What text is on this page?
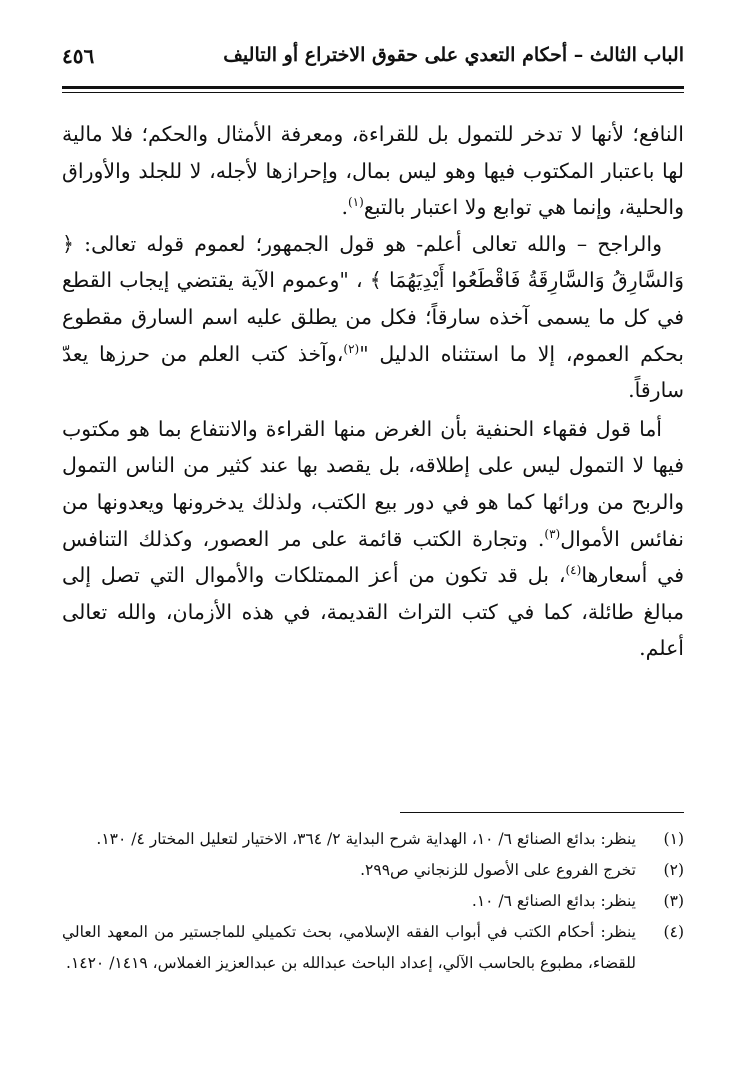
الباب الثالث – أحكام التعدي على حقوق الاختراع أو التاليف
٤٥٦

النافع؛ لأنها لا تدخر للتمول بل للقراءة، ومعرفة الأمثال والحكم؛ فلا مالية لها باعتبار المكتوب فيها وهو ليس بمال، وإحرازها لأجله، لا للجلد والأوراق والحلية، وإنما هي توابع ولا اعتبار بالتبع$^{(١)}$.

والراجح – والله تعالى أعلم- هو قول الجمهور؛ لعموم قوله تعالى: ﴿ وَالسَّارِقُ وَالسَّارِقَةُ فَاقْطَعُوا أَيْدِيَهُمَا ﴾ ، "وعموم الآية يقتضي إيجاب القطع في كل ما يسمى آخذه سارقاً؛ فكل من يطلق عليه اسم السارق مقطوع بحكم العموم، إلا ما استثناه الدليل "$^{(٢)}$،وآخذ كتب العلم من حرزها يعدّ سارقاً.

أما قول فقهاء الحنفية بأن الغرض منها القراءة والانتفاع بما هو مكتوب فيها لا التمول ليس على إطلاقه، بل يقصد بها عند كثير من الناس التمول والربح من ورائها كما هو في دور بيع الكتب، ولذلك يدخرونها ويعدونها من نفائس الأموال$^{(٣)}$. وتجارة الكتب قائمة على مر العصور، وكذلك التنافس في أسعارها$^{(٤)}$، بل قد تكون من أعز الممتلكات والأموال التي تصل إلى مبالغ طائلة، كما في كتب التراث القديمة، في هذه الأزمان، والله تعالى أعلم.

(١)
ينظر: بدائع الصنائع ٦/ ١٠، الهداية شرح البداية ٢/ ٣٦٤، الاختيار لتعليل المختار ٤/ ١٣٠.

(٢)
تخرج الفروع على الأصول للزنجاني ص٢٩٩.

(٣)
ينظر: بدائع الصنائع ٦/ ١٠.

(٤)
ينظر: أحكام الكتب في أبواب الفقه الإسلامي، بحث تكميلي للماجستير من المعهد العالي للقضاء، مطبوع بالحاسب الآلي، إعداد الباحث عبدالله بن عبدالعزيز الغملاس، ١٤١٩/ ١٤٢٠.
